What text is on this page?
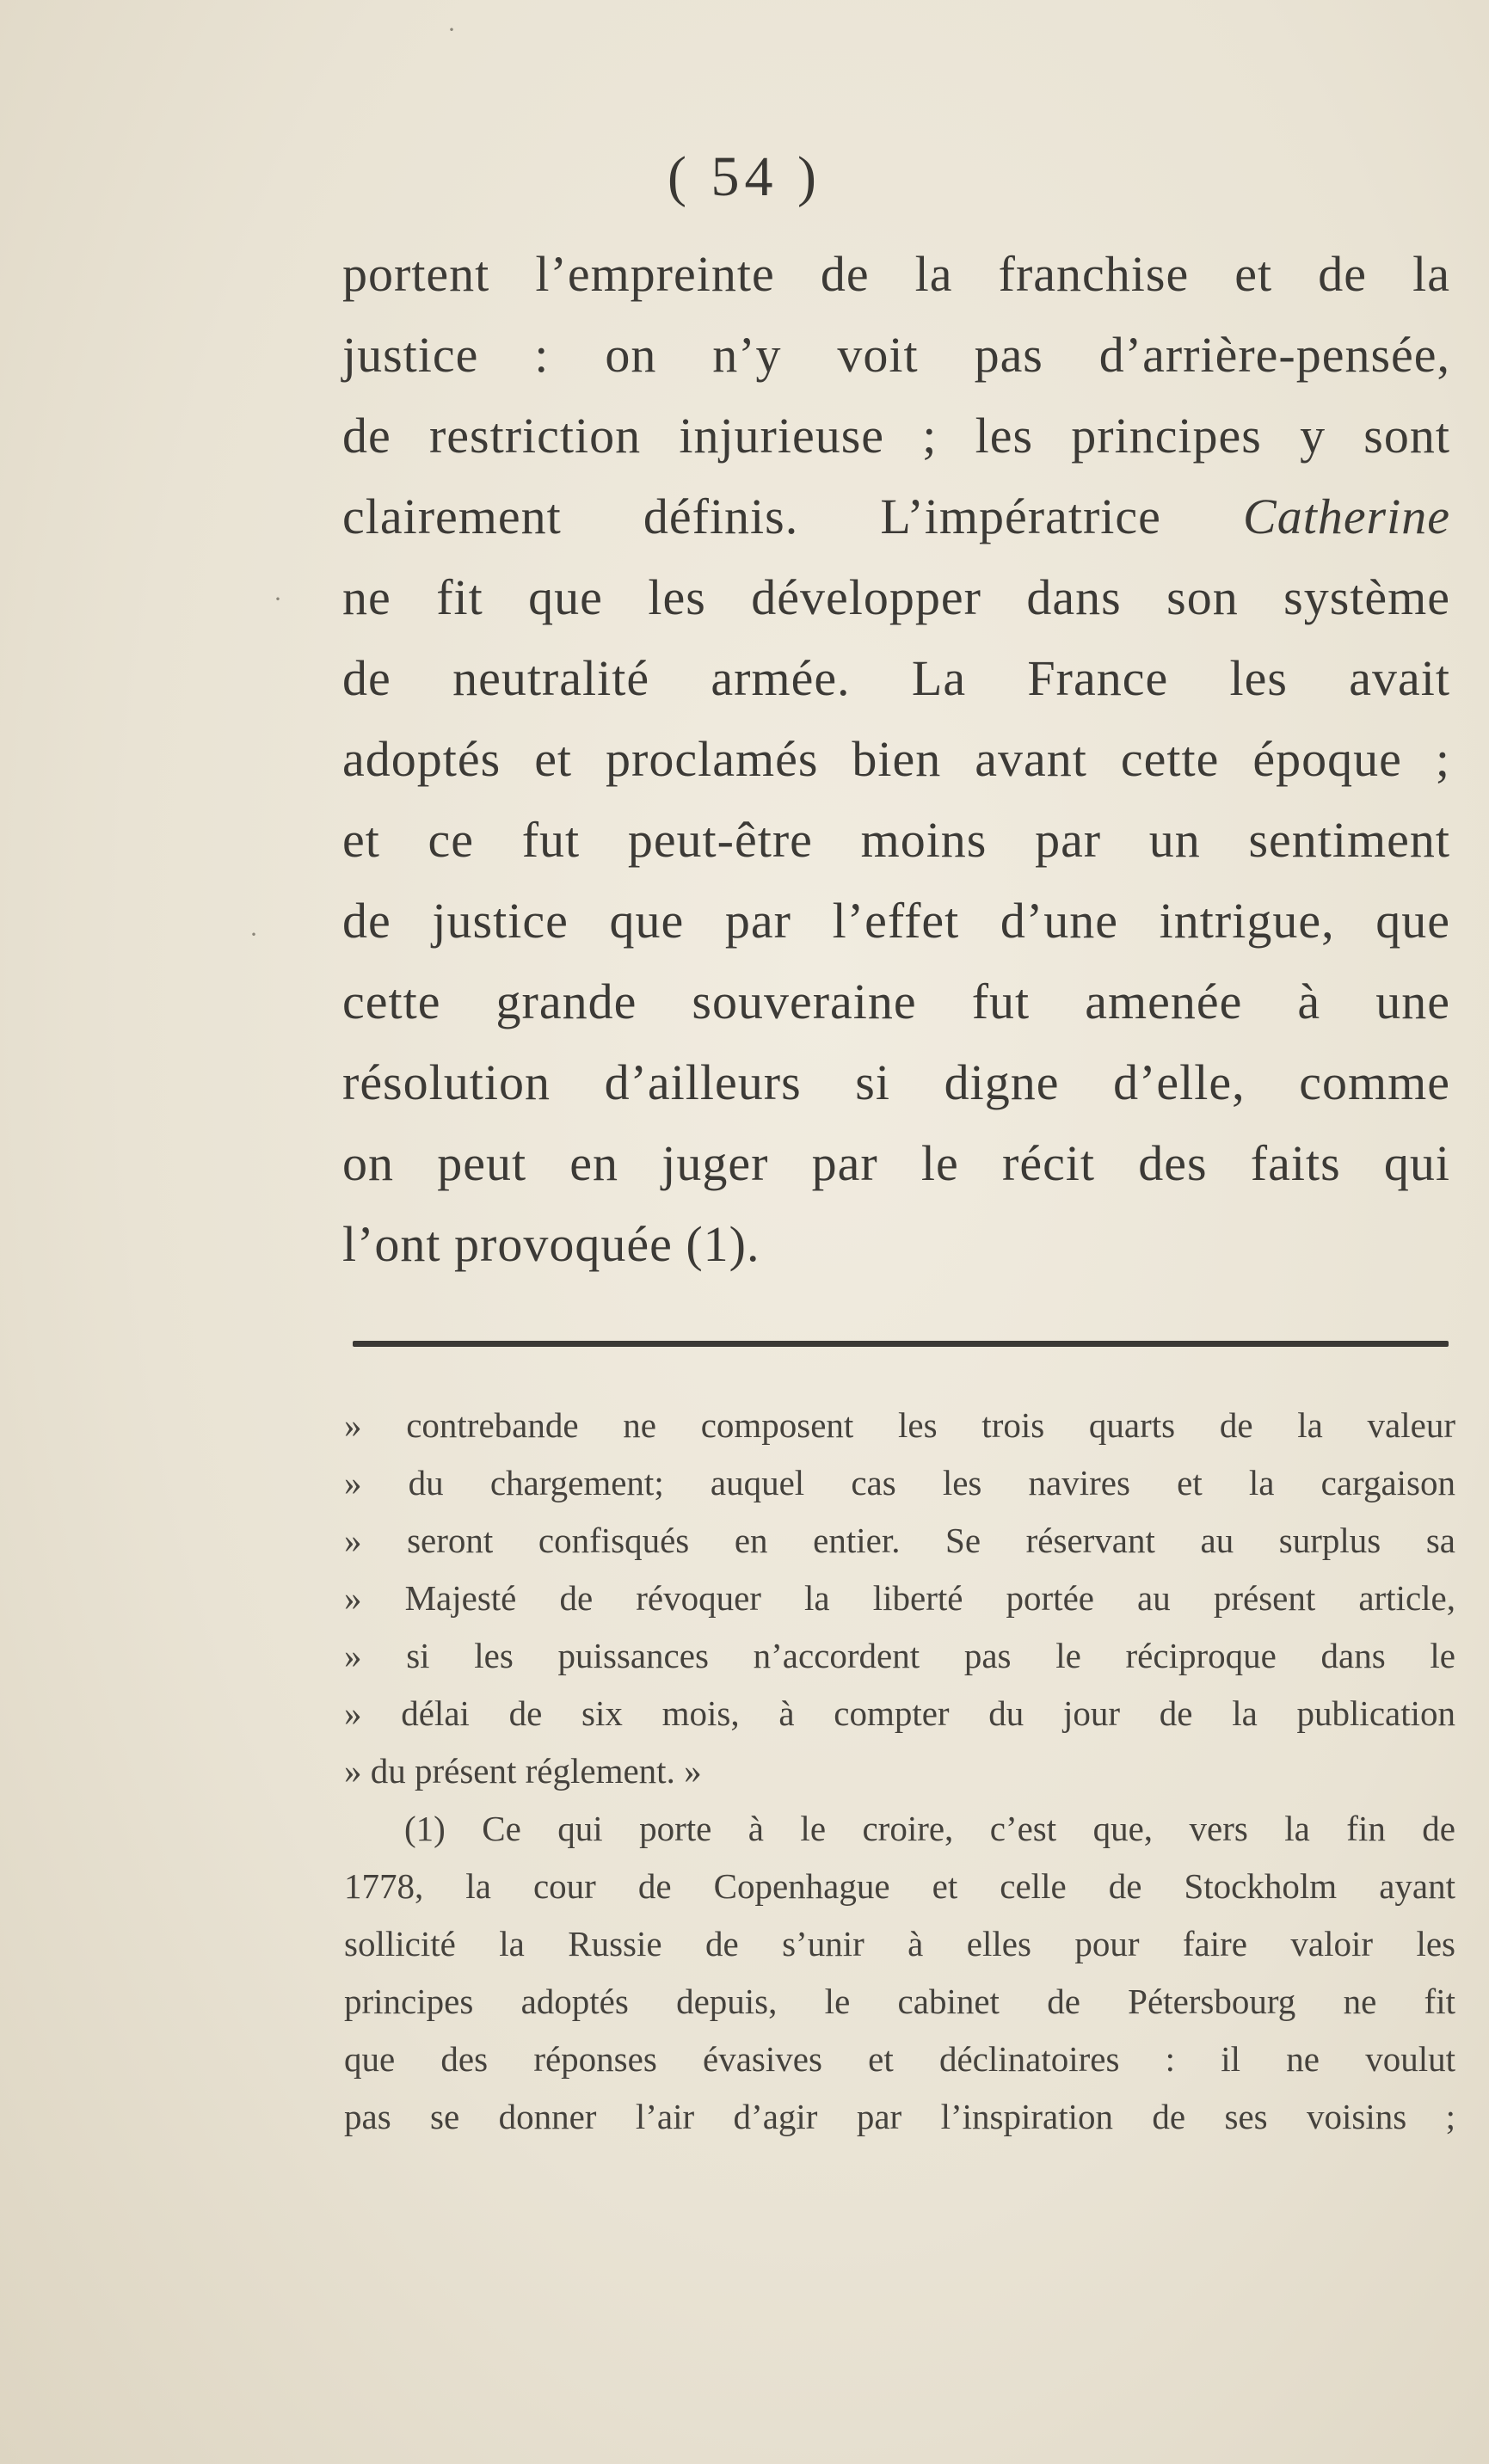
( 54 )
portent l’empreinte de la franchise et de la
justice : on n’y voit pas d’arrière-pensée,
de restriction injurieuse ; les principes y sont
clairement définis. L’impératrice Catherine
ne fit que les développer dans son système
de neutralité armée. La France les avait
adoptés et proclamés bien avant cette époque ;
et ce fut peut-être moins par un sentiment
de justice que par l’effet d’une intrigue, que
cette grande souveraine fut amenée à une
résolution d’ailleurs si digne d’elle, comme
on peut en juger par le récit des faits qui
l’ont provoquée (1).
» contrebande ne composent les trois quarts de la valeur
» du chargement; auquel cas les navires et la cargaison
» seront confisqués en entier. Se réservant au surplus sa
» Majesté de révoquer la liberté portée au présent article,
» si les puissances n’accordent pas le réciproque dans le
» délai de six mois, à compter du jour de la publication
» du présent réglement. »
(1) Ce qui porte à le croire, c’est que, vers la fin de
1778, la cour de Copenhague et celle de Stockholm ayant
sollicité la Russie de s’unir à elles pour faire valoir les
principes adoptés depuis, le cabinet de Pétersbourg ne fit
que des réponses évasives et déclinatoires : il ne voulut
pas se donner l’air d’agir par l’inspiration de ses voisins ;
·
·
·
